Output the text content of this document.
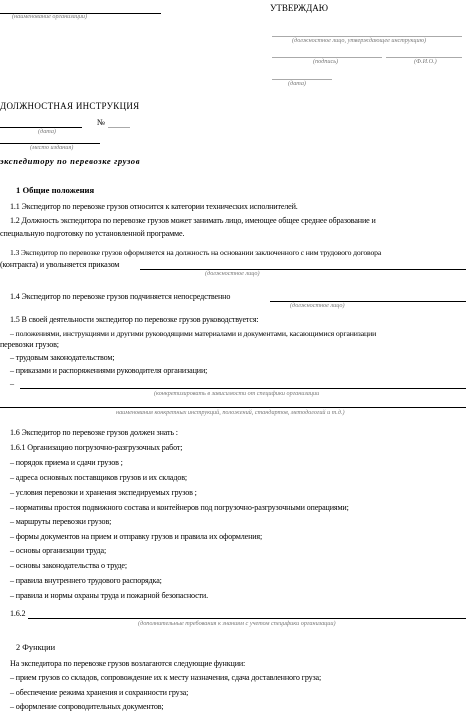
(наименование организации)
УТВЕРЖДАЮ
(должностное лицо, утверждающее инструкцию)
(подпись)	(Ф.И.О.)
(дата)
ДОЛЖНОСТНАЯ ИНСТРУКЦИЯ
(дата)
№
(место издания)
экспедитору по перевозке грузов
1 Общие положения
1.1 Экспедитор по перевозке грузов относится к категории технических исполнителей.
1.2 Должность экспедитора по перевозке грузов может занимать лицо, имеющее общее среднее образование и
специальную подготовку по установленной программе.
1.3 Экспедитор по перевозке грузов оформляется на должность на основании заключенного с ним трудового договора
(контракта) и увольняется приказом
(должностное лицо)
1.4 Экспедитор по перевозке грузов подчиняется непосредственно
(должностное лицо)
1.5 В своей деятельности экспедитор по перевозке грузов руководствуется:
– положениями, инструкциями и другими руководящими материалами и документами, касающимися организации
перевозки грузов;
– трудовым законодательством;
– приказами и распоряжениями руководителя организации;
–
(конкретизировать в зависимости от специфики организации
наименования конкретных инструкций, положений, стандартов, методологий и т.д.)
1.6 Экспедитор по перевозке грузов должен знать :
1.6.1 Организацию погрузочно-разгрузочных работ;
– порядок приема и сдачи грузов ;
– адреса основных поставщиков грузов и их складов;
– условия перевозки и хранения экспедируемых грузов ;
– нормативы простоя подвижного состава и контейнеров под погрузочно-разгрузочными операциями;
– маршруты перевозки грузов;
– формы документов на прием и отправку грузов и правила их оформления;
– основы организации труда;
– основы законодательства о труде;
– правила внутреннего трудового распорядка;
– правила и нормы охраны труда и пожарной безопасности.
1.6.2
(дополнительные требования к знаниям с учетом специфики организации)
2 Функции
На экспедитора по перевозке грузов возлагаются следующие функции:
– прием грузов со складов, сопровождение их к месту назначения, сдача доставленного груза;
– обеспечение режима хранения и сохранности груза;
– оформление сопроводительных документов;
